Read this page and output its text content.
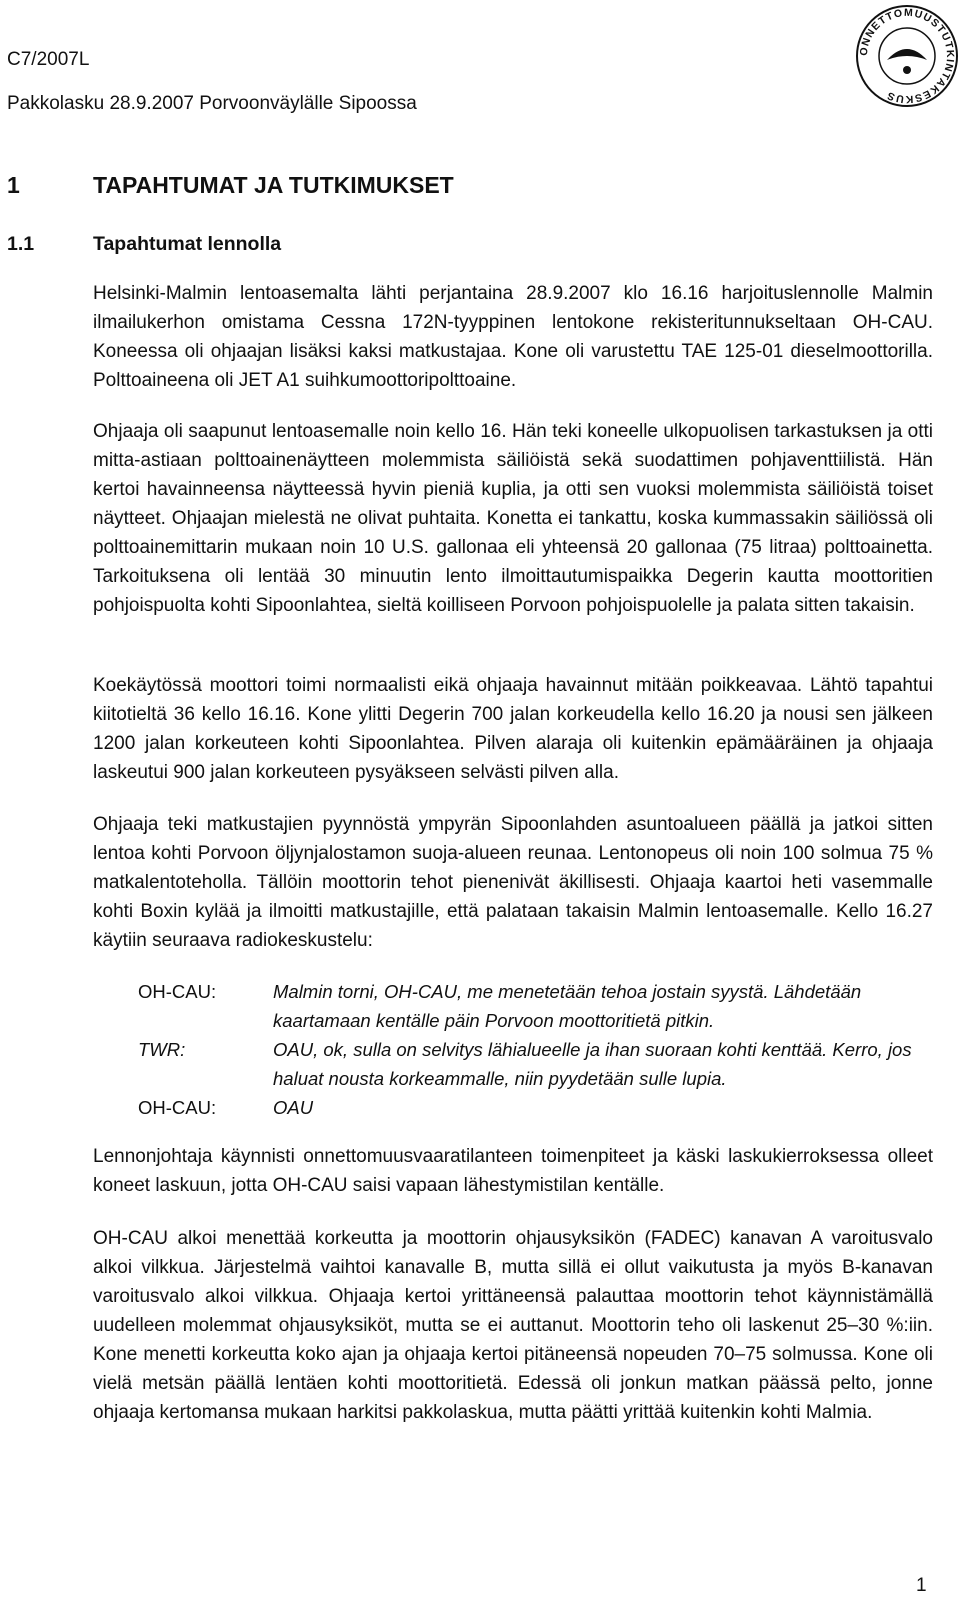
C7/2007L
Pakkolasku 28.9.2007 Porvoonväylälle Sipoossa
ONNETTOMUUSTUTKINTAKESKUS
1	TAPAHTUMAT JA TUTKIMUKSET
1.1	Tapahtumat lennolla

Helsinki-Malmin lentoasemalta lähti perjantaina 28.9.2007 klo 16.16 harjoituslennolle Malmin ilmailukerhon omistama Cessna 172N-tyyppinen lentokone rekisteritunnukseltaan OH-CAU. Koneessa oli ohjaajan lisäksi kaksi matkustajaa. Kone oli varustettu TAE 125‑01 dieselmoottorilla. Polttoaineena oli JET A1 suihkumoottoripolttoaine.

Ohjaaja oli saapunut lentoasemalle noin kello 16. Hän teki koneelle ulkopuolisen tarkastuksen ja otti mitta-astiaan polttoainenäytteen molemmista säiliöistä sekä suodattimen pohjaventtiilistä. Hän kertoi havainneensa näytteessä hyvin pieniä kuplia, ja otti sen vuoksi molemmista säiliöistä toiset näytteet. Ohjaajan mielestä ne olivat puhtaita. Konetta ei tankattu, koska kummassakin säiliössä oli polttoainemittarin mukaan noin 10 U.S. gallonaa eli yhteensä 20 gallonaa (75 litraa) polttoainetta. Tarkoituksena oli lentää 30 minuutin lento ilmoittautumispaikka Degerin kautta moottoritien pohjoispuolta kohti Sipoonlahtea, sieltä koilliseen Porvoon pohjoispuolelle ja palata sitten takaisin.

Koekäytössä moottori toimi normaalisti eikä ohjaaja havainnut mitään poikkeavaa. Lähtö tapahtui kiitotieltä 36 kello 16.16. Kone ylitti Degerin 700 jalan korkeudella kello 16.20 ja nousi sen jälkeen 1200 jalan korkeuteen kohti Sipoonlahtea. Pilven alaraja oli kuitenkin epämääräinen ja ohjaaja laskeutui 900 jalan korkeuteen pysyäkseen selvästi pilven alla.

Ohjaaja teki matkustajien pyynnöstä ympyrän Sipoonlahden asuntoalueen päällä ja jatkoi sitten lentoa kohti Porvoon öljynjalostamon suoja-alueen reunaa. Lentonopeus oli noin 100 solmua 75 % matkalentoteholla. Tällöin moottorin tehot pienenivät äkillisesti. Ohjaaja kaartoi heti vasemmalle kohti Boxin kylää ja ilmoitti matkustajille, että palataan takaisin Malmin lentoasemalle. Kello 16.27 käytiin seuraava radiokeskustelu:

OH-CAU:	Malmin torni, OH-CAU, me menetetään tehoa jostain syystä. Lähdetään kaartamaan kentälle päin Porvoon moottoritietä pitkin.
TWR:	OAU, ok, sulla on selvitys lähialueelle ja ihan suoraan kohti kenttää. Kerro, jos haluat nousta korkeammalle, niin pyydetään sulle lupia.
OH-CAU:	OAU

Lennonjohtaja käynnisti onnettomuusvaaratilanteen toimenpiteet ja käski laskukierroksessa olleet koneet laskuun, jotta OH-CAU saisi vapaan lähestymistilan kentälle.

OH-CAU alkoi menettää korkeutta ja moottorin ohjausyksikön (FADEC) kanavan A varoitusvalo alkoi vilkkua. Järjestelmä vaihtoi kanavalle B, mutta sillä ei ollut vaikutusta ja myös B-kanavan varoitusvalo alkoi vilkkua. Ohjaaja kertoi yrittäneensä palauttaa moottorin tehot käynnistämällä uudelleen molemmat ohjausyksiköt, mutta se ei auttanut. Moottorin teho oli laskenut 25–30 %:iin. Kone menetti korkeutta koko ajan ja ohjaaja kertoi pitäneensä nopeuden 70–75 solmussa. Kone oli vielä metsän päällä lentäen kohti moottoritietä. Edessä oli jonkun matkan päässä pelto, jonne ohjaaja kertomansa mukaan harkitsi pakkolaskua, mutta päätti yrittää kuitenkin kohti Malmia.

1
